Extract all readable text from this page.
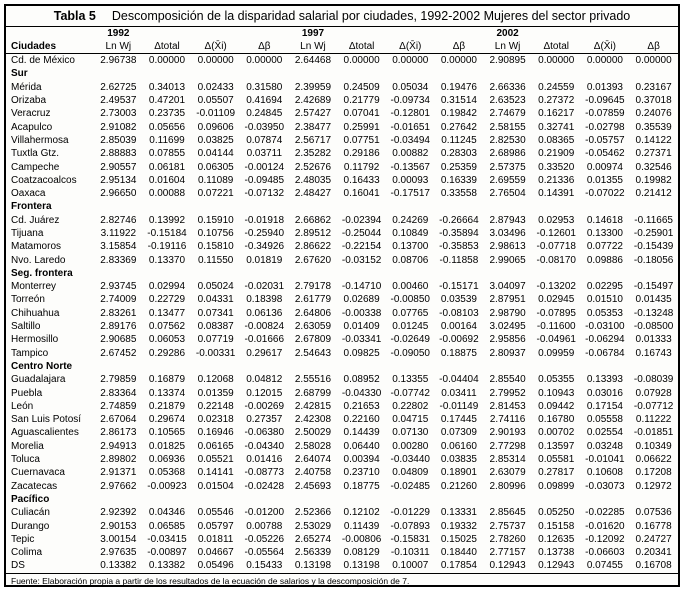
Tabla 5 Descomposición de la disparidad salarial por ciudades, 1992-2002 Mujeres del sector privado
	1992				1997				2002			
Ciudades	Ln Wj	Δtotal	Δ(X̄i)	Δβ	Ln Wj	Δtotal	Δ(X̄i)	Δβ	Ln Wj	Δtotal	Δ(X̄i)	Δβ
Cd. de México	2.96738	0.00000	0.00000	0.00000	2.64468	0.00000	0.00000	0.00000	2.90895	0.00000	0.00000	0.00000
Sur												
Mérida	2.62725	0.34013	0.02433	0.31580	2.39959	0.24509	0.05034	0.19476	2.66336	0.24559	0.01393	0.23167
Orizaba	2.49537	0.47201	0.05507	0.41694	2.42689	0.21779	-0.09734	0.31514	2.63523	0.27372	-0.09645	0.37018
Veracruz	2.73003	0.23735	-0.01109	0.24845	2.57427	0.07041	-0.12801	0.19842	2.74679	0.16217	-0.07859	0.24076
Acapulco	2.91082	0.05656	0.09606	-0.03950	2.38477	0.25991	-0.01651	0.27642	2.58155	0.32741	-0.02798	0.35539
Villahermosa	2.85039	0.11699	0.03825	0.07874	2.56717	0.07751	-0.03494	0.11245	2.82530	0.08365	-0.05757	0.14122
Tuxtla Gtz.	2.88883	0.07855	0.04144	0.03711	2.35282	0.29186	0.00882	0.28303	2.68986	0.21909	-0.05462	0.27371
Campeche	2.90557	0.06181	0.06305	-0.00124	2.52676	0.11792	-0.13567	0.25359	2.57375	0.33520	0.00974	0.32546
Coatzacoalcos	2.95134	0.01604	0.11089	-0.09485	2.48035	0.16433	0.00093	0.16339	2.69559	0.21336	0.01355	0.19982
Oaxaca	2.96650	0.00088	0.07221	-0.07132	2.48427	0.16041	-0.17517	0.33558	2.76504	0.14391	-0.07022	0.21412
Frontera												
Cd. Juárez	2.82746	0.13992	0.15910	-0.01918	2.66862	-0.02394	0.24269	-0.26664	2.87943	0.02953	0.14618	-0.11665
Tijuana	3.11922	-0.15184	0.10756	-0.25940	2.89512	-0.25044	0.10849	-0.35894	3.03496	-0.12601	0.13300	-0.25901
Matamoros	3.15854	-0.19116	0.15810	-0.34926	2.86622	-0.22154	0.13700	-0.35853	2.98613	-0.07718	0.07722	-0.15439
Nvo. Laredo	2.83369	0.13370	0.11550	0.01819	2.67620	-0.03152	0.08706	-0.11858	2.99065	-0.08170	0.09886	-0.18056
Seg. frontera												
Monterrey	2.93745	0.02994	0.05024	-0.02031	2.79178	-0.14710	0.00460	-0.15171	3.04097	-0.13202	0.02295	-0.15497
Torreón	2.74009	0.22729	0.04331	0.18398	2.61779	0.02689	-0.00850	0.03539	2.87951	0.02945	0.01510	0.01435
Chihuahua	2.83261	0.13477	0.07341	0.06136	2.64806	-0.00338	0.07765	-0.08103	2.98790	-0.07895	0.05353	-0.13248
Saltillo	2.89176	0.07562	0.08387	-0.00824	2.63059	0.01409	0.01245	0.00164	3.02495	-0.11600	-0.03100	-0.08500
Hermosillo	2.90685	0.06053	0.07719	-0.01666	2.67809	-0.03341	-0.02649	-0.00692	2.95856	-0.04961	-0.06294	0.01333
Tampico	2.67452	0.29286	-0.00331	0.29617	2.54643	0.09825	-0.09050	0.18875	2.80937	0.09959	-0.06784	0.16743
Centro Norte												
Guadalajara	2.79859	0.16879	0.12068	0.04812	2.55516	0.08952	0.13355	-0.04404	2.85540	0.05355	0.13393	-0.08039
Puebla	2.83364	0.13374	0.01359	0.12015	2.68799	-0.04330	-0.07742	0.03411	2.79952	0.10943	0.03016	0.07928
León	2.74859	0.21879	0.22148	-0.00269	2.42815	0.21653	0.22802	-0.01149	2.81453	0.09442	0.17154	-0.07712
San Luis Potosí	2.67064	0.29674	0.02318	0.27357	2.42308	0.22160	0.04715	0.17445	2.74116	0.16780	0.05558	0.11222
Aguascalientes	2.86173	0.10565	0.16946	-0.06380	2.50029	0.14439	0.07130	0.07309	2.90193	0.00702	0.02554	-0.01851
Morelia	2.94913	0.01825	0.06165	-0.04340	2.58028	0.06440	0.00280	0.06160	2.77298	0.13597	0.03248	0.10349
Toluca	2.89802	0.06936	0.05521	0.01416	2.64074	0.00394	-0.03440	0.03835	2.85314	0.05581	-0.01041	0.06622
Cuernavaca	2.91371	0.05368	0.14141	-0.08773	2.40758	0.23710	0.04809	0.18901	2.63079	0.27817	0.10608	0.17208
Zacatecas	2.97662	-0.00923	0.01504	-0.02428	2.45693	0.18775	-0.02485	0.21260	2.80996	0.09899	-0.03073	0.12972
Pacífico												
Culiacán	2.92392	0.04346	0.05546	-0.01200	2.52366	0.12102	-0.01229	0.13331	2.85645	0.05250	-0.02285	0.07536
Durango	2.90153	0.06585	0.05797	0.00788	2.53029	0.11439	-0.07893	0.19332	2.75737	0.15158	-0.01620	0.16778
Tepic	3.00154	-0.03415	0.01811	-0.05226	2.65274	-0.00806	-0.15831	0.15025	2.78260	0.12635	-0.12092	0.24727
Colima	2.97635	-0.00897	0.04667	-0.05564	2.56339	0.08129	-0.10311	0.18440	2.77157	0.13738	-0.06603	0.20341
DS	0.13382	0.13382	0.05496	0.15433	0.13198	0.13198	0.10007	0.17854	0.12943	0.12943	0.07455	0.16708
Fuente: Elaboración propia a partir de los resultados de la ecuación de salarios y la descomposición de 7.
